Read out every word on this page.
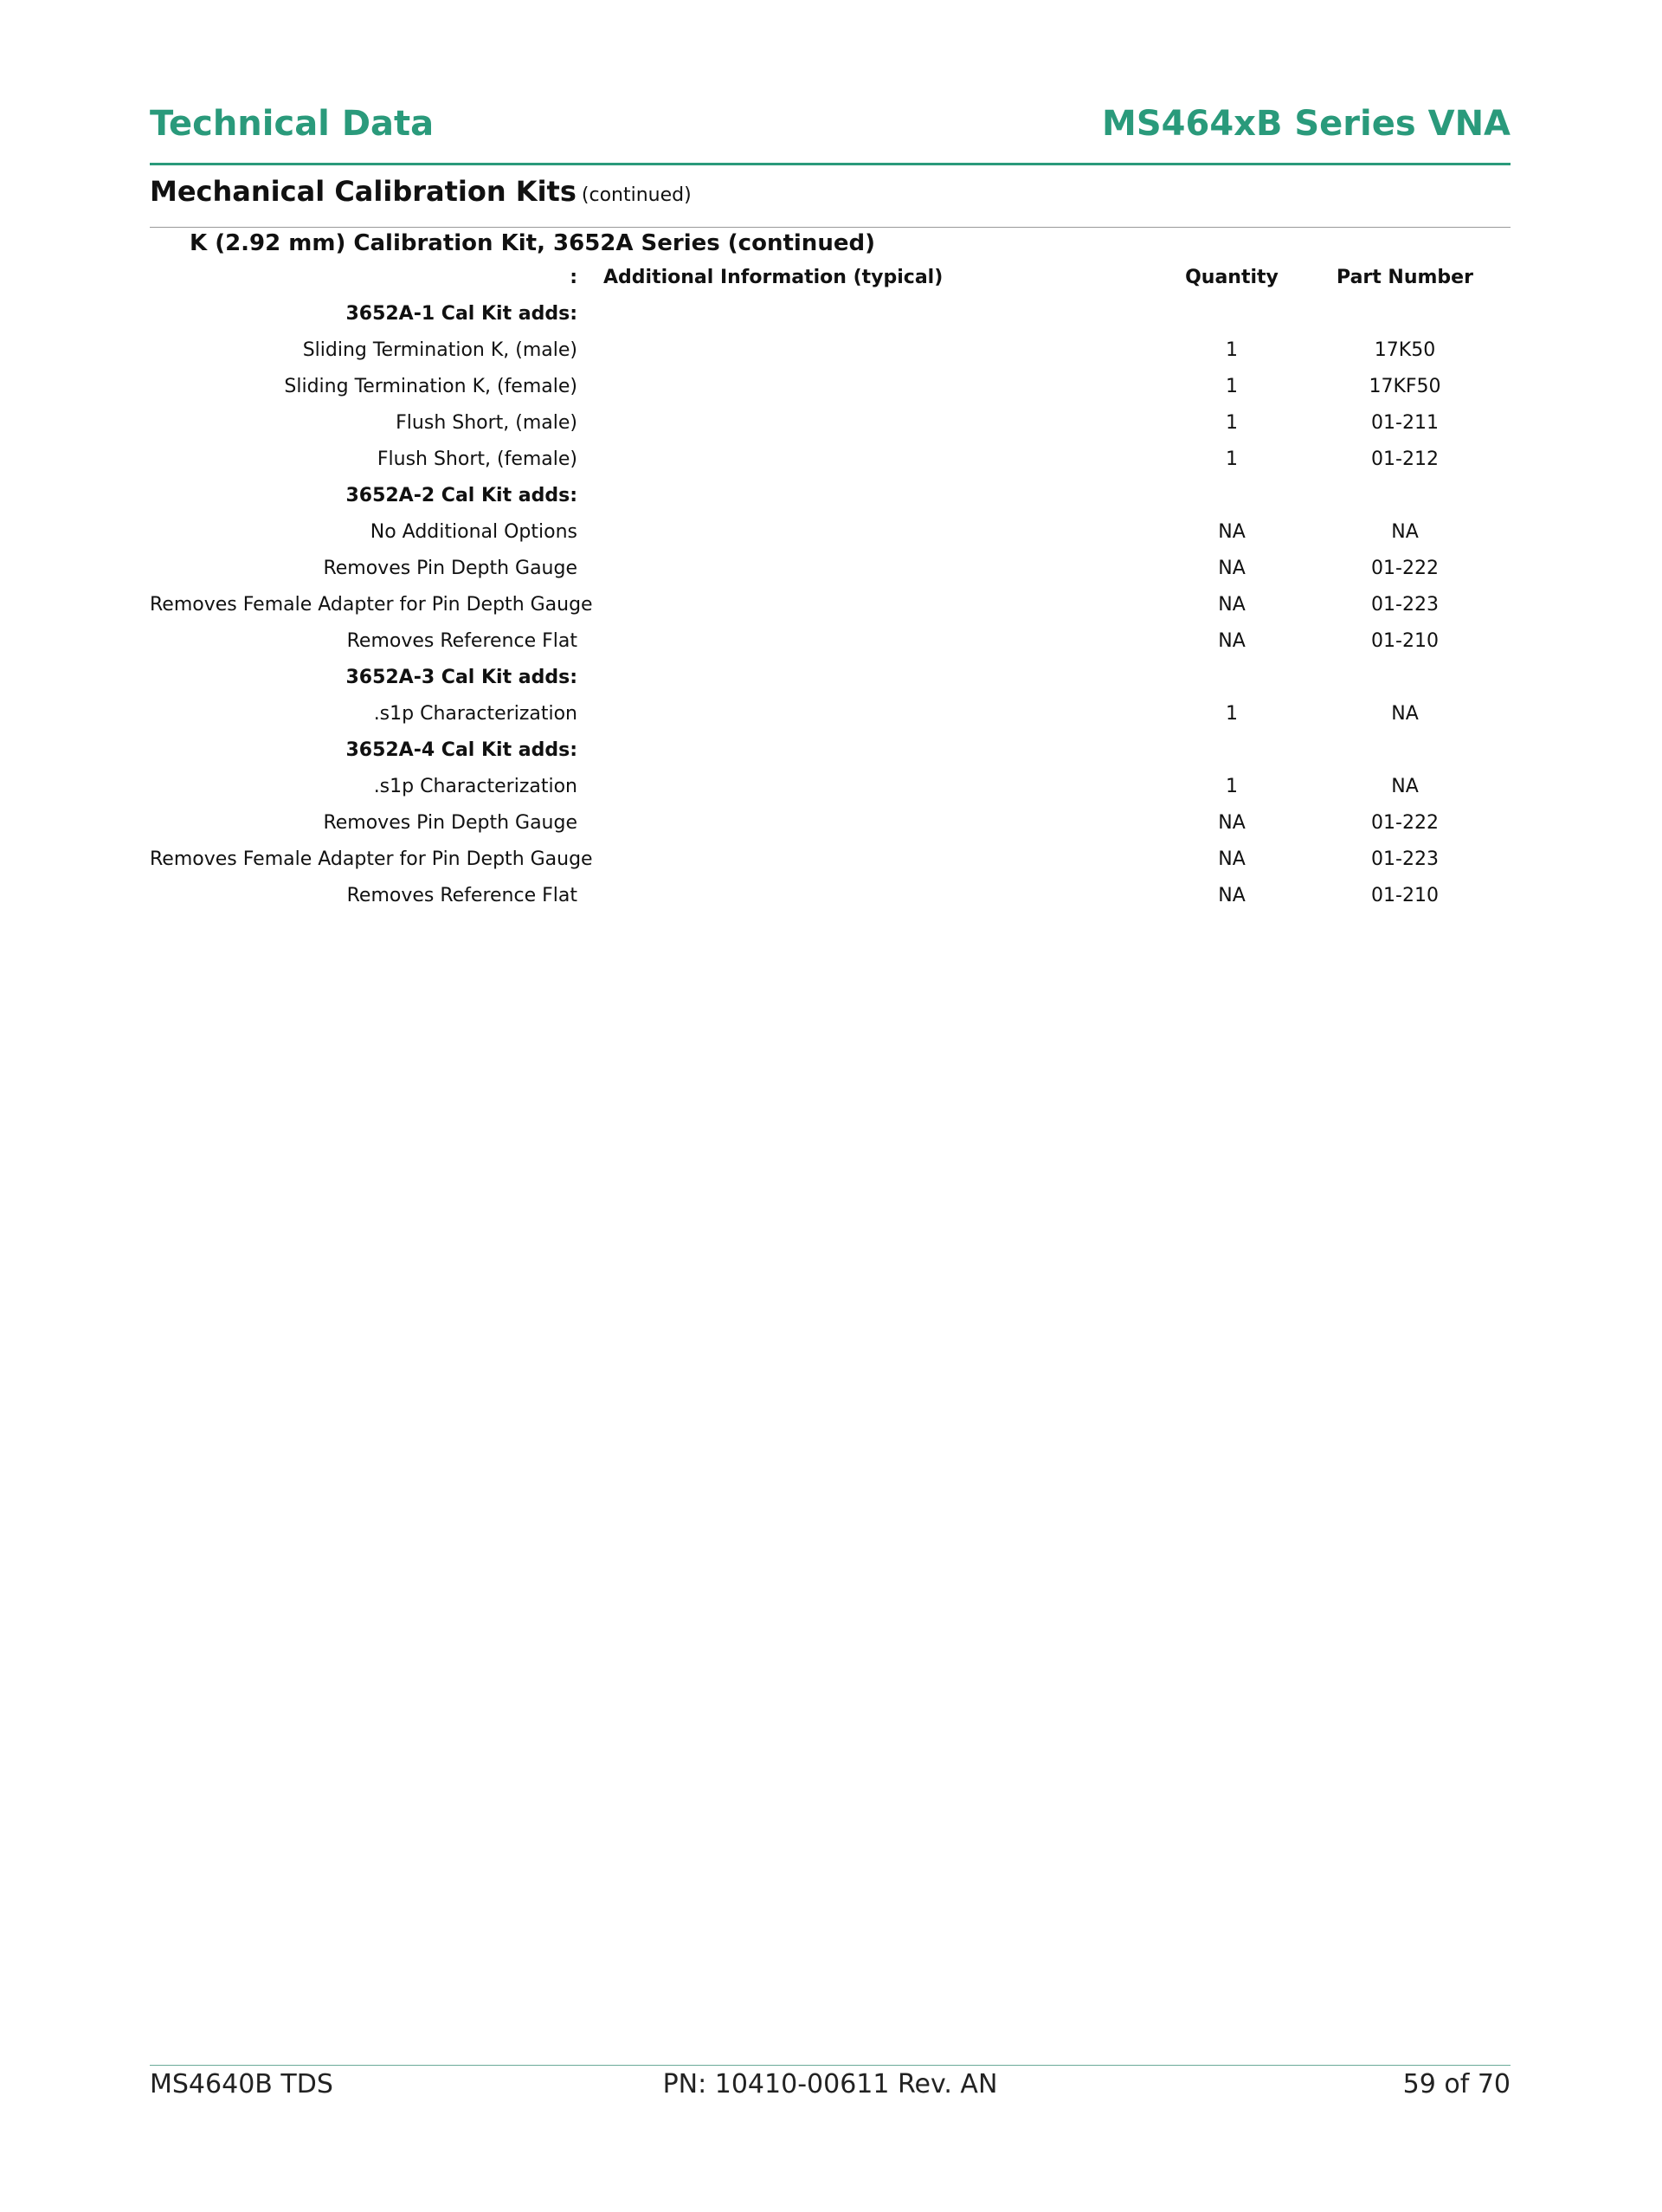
Technical Data	MS464xB Series VNA
Mechanical Calibration Kits (continued)
K (2.92 mm) Calibration Kit, 3652A Series (continued)
: Additional Information (typical)	Quantity	Part Number
3652A-1 Cal Kit adds:
Sliding Termination K, (male)	1	17K50
Sliding Termination K, (female)	1	17KF50
Flush Short, (male)	1	01-211
Flush Short, (female)	1	01-212
3652A-2 Cal Kit adds:
No Additional Options	NA	NA
Removes Pin Depth Gauge	NA	01-222
Removes Female Adapter for Pin Depth Gauge	NA	01-223
Removes Reference Flat	NA	01-210
3652A-3 Cal Kit adds:
.s1p Characterization	1	NA
3652A-4 Cal Kit adds:
.s1p Characterization	1	NA
Removes Pin Depth Gauge	NA	01-222
Removes Female Adapter for Pin Depth Gauge	NA	01-223
Removes Reference Flat	NA	01-210
MS4640B TDS	PN: 10410-00611 Rev. AN	59 of 70
